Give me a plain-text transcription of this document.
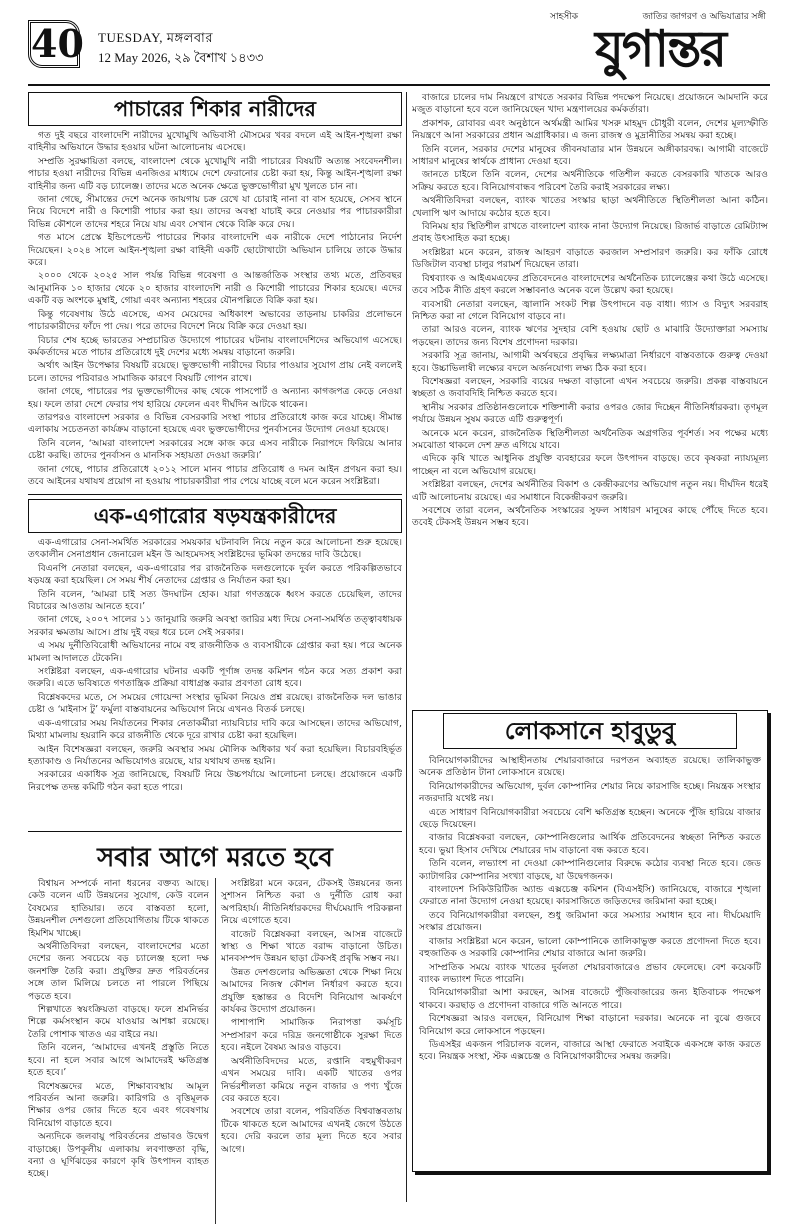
40 TUESDAY, মঙ্গলবার
12 May 2026, ২৯ বৈশাখ ১৪৩৩
সাহসীক	জাতির জাগরণ ও অভিযাত্রার সঙ্গী
যুগান্তর
পাচারের শিকার নারীদের

গত দুই বছরে বাংলাদেশি নারীদের মুখোমুখি অভিবাসী মৌসমের খবর বদলে এই আইন-শৃঙ্খলা রক্ষা বাহিনীর অভিযানে উদ্ধার হওয়ার ঘটনা আলোচনায় এসেছে।

সম্প্রতি সুরক্ষায়িতা বলছে, বাংলাদেশ থেকে মুখোমুখি নারী পাচারের বিষয়টি অত্যন্ত সংবেদনশীল। পাচার হওয়া নারীদের বিভিন্ন এনজিওর মাধ্যমে দেশে ফেরানোর চেষ্টা করা হয়, কিন্তু আইন-শৃঙ্খলা রক্ষা বাহিনীর জন্য এটি বড় চ্যালেঞ্জ। তাদের মতে অনেক ক্ষেত্রে ভুক্তভোগীরা মুখ খুলতে চান না।

জানা গেছে, সীমান্তের দেশে অনেক জায়গায় চক্র রেখে যা চোরাই নানা বা বাস হয়েছে, সেসব স্থানে নিয়ে বিদেশে নারী ও কিশোরী পাচার করা হয়। তাদের অবস্থা যাচাই করে নেওয়ার পর পাচারকারীরা বিভিন্ন কৌশলে তাদের শহরে নিয়ে যায় এবং সেখান থেকে বিক্রি করে দেয়।

গত মাসে প্রেস্কে ইন্ডিপেন্ডেন্ট পাচারের শিকার বাংলাদেশি এক নারীকে দেশে পাঠানোর নির্দেশ দিয়েছেন। ২০২৪ সালে আইন-শৃঙ্খলা রক্ষা বাহিনী একটি ছোটোখাটো অভিযান চালিয়ে তাকে উদ্ধার করে।

২০০০ থেকে ২০২৫ সাল পর্যন্ত বিভিন্ন গবেষণা ও আন্তর্জাতিক সংস্থার তথ্য মতে, প্রতিবছর আনুমানিক ১০ হাজার থেকে ২০ হাজার বাংলাদেশি নারী ও কিশোরী পাচারের শিকার হয়েছে। এদের একটি বড় অংশকে মুম্বাই, গোয়া এবং অন্যান্য শহরের যৌনপল্লিতে বিক্রি করা হয়।

কিন্তু গবেষণায় উঠে এসেছে, এসব মেয়েদের অধিকাংশ অভাবের তাড়নায় চাকরির প্রলোভনে পাচারকারীদের ফাঁদে পা দেয়। পরে তাদের বিদেশে নিয়ে বিক্রি করে দেওয়া হয়।

বিচার শেষ হচ্ছে ভারতের সম্প্রচারিত উদ্যোগে পাচারের ঘটনায় বাংলাদেশিদের অভিযোগ এসেছে। কর্মকর্তাদের মতে পাচার প্রতিরোধে দুই দেশের মধ্যে সমন্বয় বাড়ানো জরুরি।

অর্থাৎ আইন উপেক্ষার বিষয়টি রয়েছে। ভুক্তভোগী নারীদের বিচার পাওয়ার সুযোগ প্রায় নেই বললেই চলে। তাদের পরিবারও সামাজিক কারণে বিষয়টি গোপন রাখে।

জানা গেছে, পাচারের পর ভুক্তভোগীদের কাছ থেকে পাসপোর্ট ও অন্যান্য কাগজপত্র কেড়ে নেওয়া হয়। ফলে তারা দেশে ফেরার পথ হারিয়ে ফেলেন এবং দীর্ঘদিন আটকে থাকেন।

তারপরও বাংলাদেশ সরকার ও বিভিন্ন বেসরকারি সংস্থা পাচার প্রতিরোধে কাজ করে যাচ্ছে। সীমান্ত এলাকায় সচেতনতা কার্যক্রম বাড়ানো হয়েছে এবং ভুক্তভোগীদের পুনর্বাসনের উদ্যোগ নেওয়া হয়েছে।

তিনি বলেন, ‘আমরা বাংলাদেশ সরকারের সঙ্গে কাজ করে এসব নারীকে নিরাপদে ফিরিয়ে আনার চেষ্টা করছি। তাদের পুনর্বাসন ও মানসিক সহায়তা দেওয়া জরুরি।’

জানা গেছে, পাচার প্রতিরোধে ২০১২ সালে মানব পাচার প্রতিরোধ ও দমন আইন প্রণয়ন করা হয়। তবে আইনের যথাযথ প্রয়োগ না হওয়ায় পাচারকারীরা পার পেয়ে যাচ্ছে বলে মনে করেন সংশ্লিষ্টরা।

এক-এগারোর ষড়যন্ত্রকারীদের

এক-এগারোর সেনা-সমর্থিত সরকারের সময়কার ঘটনাবলি নিয়ে নতুন করে আলোচনা শুরু হয়েছে। তৎকালীন সেনাপ্রধান জেনারেল মইন উ আহমেদসহ সংশ্লিষ্টদের ভূমিকা তদন্তের দাবি উঠেছে।

বিএনপি নেতারা বলছেন, এক-এগারোর পর রাজনৈতিক দলগুলোকে দুর্বল করতে পরিকল্পিতভাবে ষড়যন্ত্র করা হয়েছিল। সে সময় শীর্ষ নেতাদের গ্রেপ্তার ও নির্যাতন করা হয়।

তিনি বলেন, ‘আমরা চাই সত্য উদঘাটন হোক। যারা গণতন্ত্রকে ধ্বংস করতে চেয়েছিল, তাদের বিচারের আওতায় আনতে হবে।’

জানা গেছে, ২০০৭ সালের ১১ জানুয়ারি জরুরি অবস্থা জারির মধ্য দিয়ে সেনা-সমর্থিত তত্ত্বাবধায়ক সরকার ক্ষমতায় আসে। প্রায় দুই বছর ধরে চলে সেই সরকার।

এ সময় দুর্নীতিবিরোধী অভিযানের নামে বহু রাজনীতিক ও ব্যবসায়ীকে গ্রেপ্তার করা হয়। পরে অনেক মামলা আদালতে টেকেনি।

সংশ্লিষ্টরা বলছেন, এক-এগারোর ঘটনার একটি পূর্ণাঙ্গ তদন্ত কমিশন গঠন করে সত্য প্রকাশ করা জরুরি। এতে ভবিষ্যতে গণতান্ত্রিক প্রক্রিয়া বাধাগ্রস্ত করার প্রবণতা রোধ হবে।

বিশ্লেষকদের মতে, সে সময়ের গোয়েন্দা সংস্থার ভূমিকা নিয়েও প্রশ্ন রয়েছে। রাজনৈতিক দল ভাঙার চেষ্টা ও ‘মাইনাস টু’ ফর্মুলা বাস্তবায়নের অভিযোগ নিয়ে এখনও বিতর্ক চলছে।

এক-এগারোর সময় নির্যাতনের শিকার নেতাকর্মীরা ন্যায়বিচার দাবি করে আসছেন। তাদের অভিযোগ, মিথ্যা মামলায় হয়রানি করে রাজনীতি থেকে দূরে রাখার চেষ্টা করা হয়েছিল।

আইন বিশেষজ্ঞরা বলছেন, জরুরি অবস্থার সময় মৌলিক অধিকার খর্ব করা হয়েছিল। বিচারবহির্ভূত হত্যাকাণ্ড ও নির্যাতনের অভিযোগও রয়েছে, যার যথাযথ তদন্ত হয়নি।

সরকারের একাধিক সূত্র জানিয়েছে, বিষয়টি নিয়ে উচ্চপর্যায়ে আলোচনা চলছে। প্রয়োজনে একটি নিরপেক্ষ তদন্ত কমিটি গঠন করা হতে পারে।

সবার আগে মরতে হবে

বিশ্বায়ন সম্পর্কে নানা ধরনের বক্তব্য আছে। কেউ বলেন এটি উন্নয়নের সুযোগ, কেউ বলেন বৈষম্যের হাতিয়ার। তবে বাস্তবতা হলো, উন্নয়নশীল দেশগুলো প্রতিযোগিতায় টিকে থাকতে হিমশিম খাচ্ছে।

অর্থনীতিবিদরা বলছেন, বাংলাদেশের মতো দেশের জন্য সবচেয়ে বড় চ্যালেঞ্জ হলো দক্ষ জনশক্তি তৈরি করা। প্রযুক্তির দ্রুত পরিবর্তনের সঙ্গে তাল মিলিয়ে চলতে না পারলে পিছিয়ে পড়তে হবে।

শিল্পখাতে স্বয়ংক্রিয়তা বাড়ছে। ফলে শ্রমনির্ভর শিল্পে কর্মসংস্থান কমে যাওয়ার আশঙ্কা রয়েছে। তৈরি পোশাক খাতও এর বাইরে নয়।

তিনি বলেন, ‘আমাদের এখনই প্রস্তুতি নিতে হবে। না হলে সবার আগে আমাদেরই ক্ষতিগ্রস্ত হতে হবে।’

বিশেষজ্ঞদের মতে, শিক্ষাব্যবস্থায় আমূল পরিবর্তন আনা জরুরি। কারিগরি ও বৃত্তিমূলক শিক্ষার ওপর জোর দিতে হবে এবং গবেষণায় বিনিয়োগ বাড়াতে হবে।

অন্যদিকে জলবায়ু পরিবর্তনের প্রভাবও উদ্বেগ বাড়াচ্ছে। উপকূলীয় এলাকায় লবণাক্ততা বৃদ্ধি, বন্যা ও ঘূর্ণিঝড়ের কারণে কৃষি উৎপাদন ব্যাহত হচ্ছে।

সংশ্লিষ্টরা মনে করেন, টেকসই উন্নয়নের জন্য সুশাসন নিশ্চিত করা ও দুর্নীতি রোধ করা অপরিহার্য। নীতিনির্ধারকদের দীর্ঘমেয়াদি পরিকল্পনা নিয়ে এগোতে হবে।

বাজেট বিশ্লেষকরা বলছেন, আসন্ন বাজেটে স্বাস্থ্য ও শিক্ষা খাতে বরাদ্দ বাড়ানো উচিত। মানবসম্পদ উন্নয়ন ছাড়া টেকসই প্রবৃদ্ধি সম্ভব নয়।

উন্নত দেশগুলোর অভিজ্ঞতা থেকে শিক্ষা নিয়ে আমাদের নিজস্ব কৌশল নির্ধারণ করতে হবে। প্রযুক্তি হস্তান্তর ও বিদেশি বিনিয়োগ আকর্ষণে কার্যকর উদ্যোগ প্রয়োজন।

পাশাপাশি সামাজিক নিরাপত্তা কর্মসূচি সম্প্রসারণ করে দরিদ্র জনগোষ্ঠীকে সুরক্ষা দিতে হবে। নইলে বৈষম্য আরও বাড়বে।

অর্থনীতিবিদদের মতে, রপ্তানি বহুমুখীকরণ এখন সময়ের দাবি। একটি খাতের ওপর নির্ভরশীলতা কমিয়ে নতুন বাজার ও পণ্য খুঁজে বের করতে হবে।

সবশেষে তারা বলেন, পরিবর্তিত বিশ্ববাস্তবতায় টিকে থাকতে হলে আমাদের এখনই জেগে উঠতে হবে। দেরি করলে তার মূল্য দিতে হবে সবার আগে।

বাজারে চালের দাম নিয়ন্ত্রণে রাখতে সরকার বিভিন্ন পদক্ষেপ নিয়েছে। প্রয়োজনে আমদানি করে মজুত বাড়ানো হবে বলে জানিয়েছেন খাদ্য মন্ত্রণালয়ের কর্মকর্তারা।

প্রকাশক, রোবাবর এবং অনুষ্ঠানে অর্থমন্ত্রী আমির খসরু মাহমুদ চৌধুরী বলেন, দেশের মূল্যস্ফীতি নিয়ন্ত্রণে আনা সরকারের প্রধান অগ্রাধিকার। এ জন্য রাজস্ব ও মুদ্রানীতির সমন্বয় করা হচ্ছে।

তিনি বলেন, সরকার দেশের মানুষের জীবনযাত্রার মান উন্নয়নে অঙ্গীকারবদ্ধ। আগামী বাজেটে সাধারণ মানুষের স্বার্থকে প্রাধান্য দেওয়া হবে।

জানতে চাইলে তিনি বলেন, দেশের অর্থনীতিকে গতিশীল করতে বেসরকারি খাতকে আরও সক্রিয় করতে হবে। বিনিয়োগবান্ধব পরিবেশ তৈরি করাই সরকারের লক্ষ্য।

অর্থনীতিবিদরা বলছেন, ব্যাংক খাতের সংস্কার ছাড়া অর্থনীতিতে স্থিতিশীলতা আনা কঠিন। খেলাপি ঋণ আদায়ে কঠোর হতে হবে।

বিনিময় হার স্থিতিশীল রাখতে বাংলাদেশ ব্যাংক নানা উদ্যোগ নিয়েছে। রিজার্ভ বাড়াতে রেমিট্যান্স প্রবাহ উৎসাহিত করা হচ্ছে।

সংশ্লিষ্টরা মনে করেন, রাজস্ব আহরণ বাড়াতে করজাল সম্প্রসারণ জরুরি। কর ফাঁকি রোধে ডিজিটাল ব্যবস্থা চালুর পরামর্শ দিয়েছেন তারা।

বিশ্বব্যাংক ও আইএমএফের প্রতিবেদনেও বাংলাদেশের অর্থনৈতিক চ্যালেঞ্জের কথা উঠে এসেছে। তবে সঠিক নীতি গ্রহণ করলে সম্ভাবনাও অনেক বলে উল্লেখ করা হয়েছে।

ব্যবসায়ী নেতারা বলছেন, জ্বালানি সংকট শিল্প উৎপাদনে বড় বাধা। গ্যাস ও বিদ্যুৎ সরবরাহ নিশ্চিত করা না গেলে বিনিয়োগ বাড়বে না।

তারা আরও বলেন, ব্যাংক ঋণের সুদহার বেশি হওয়ায় ছোট ও মাঝারি উদ্যোক্তারা সমস্যায় পড়ছেন। তাদের জন্য বিশেষ প্রণোদনা দরকার।

সরকারি সূত্র জানায়, আগামী অর্থবছরে প্রবৃদ্ধির লক্ষ্যমাত্রা নির্ধারণে বাস্তবতাকে গুরুত্ব দেওয়া হবে। উচ্চাভিলাষী লক্ষ্যের বদলে অর্জনযোগ্য লক্ষ্য ঠিক করা হবে।

বিশেষজ্ঞরা বলছেন, সরকারি ব্যয়ের দক্ষতা বাড়ানো এখন সবচেয়ে জরুরি। প্রকল্প বাস্তবায়নে স্বচ্ছতা ও জবাবদিহি নিশ্চিত করতে হবে।

স্থানীয় সরকার প্রতিষ্ঠানগুলোকে শক্তিশালী করার ওপরও জোর দিচ্ছেন নীতিনির্ধারকরা। তৃণমূল পর্যায়ে উন্নয়ন সুষম করতে এটি গুরুত্বপূর্ণ।

অনেকে মনে করেন, রাজনৈতিক স্থিতিশীলতা অর্থনৈতিক অগ্রগতির পূর্বশর্ত। সব পক্ষের মধ্যে সমঝোতা থাকলে দেশ দ্রুত এগিয়ে যাবে।

এদিকে কৃষি খাতে আধুনিক প্রযুক্তি ব্যবহারের ফলে উৎপাদন বাড়ছে। তবে কৃষকরা ন্যায্যমূল্য পাচ্ছেন না বলে অভিযোগ রয়েছে।

সংশ্লিষ্টরা বলছেন, দেশের অর্থনীতির বিকাশ ও কেন্দ্রীকরণের অভিযোগ নতুন নয়। দীর্ঘদিন ধরেই এটি আলোচনায় রয়েছে। এর সমাধানে বিকেন্দ্রীকরণ জরুরি।

সবশেষে তারা বলেন, অর্থনৈতিক সংস্কারের সুফল সাধারণ মানুষের কাছে পৌঁছে দিতে হবে। তবেই টেকসই উন্নয়ন সম্ভব হবে।

লোকসানে হাবুডুবু

বিনিয়োগকারীদের আস্থাহীনতায় শেয়ারবাজারে দরপতন অব্যাহত রয়েছে। তালিকাভুক্ত অনেক প্রতিষ্ঠান টানা লোকসানে রয়েছে।

বিনিয়োগকারীদের অভিযোগ, দুর্বল কোম্পানির শেয়ার নিয়ে কারসাজি হচ্ছে। নিয়ন্ত্রক সংস্থার নজরদারি যথেষ্ট নয়।

এতে সাধারণ বিনিয়োগকারীরা সবচেয়ে বেশি ক্ষতিগ্রস্ত হচ্ছেন। অনেকে পুঁজি হারিয়ে বাজার ছেড়ে দিয়েছেন।

বাজার বিশ্লেষকরা বলছেন, কোম্পানিগুলোর আর্থিক প্রতিবেদনের স্বচ্ছতা নিশ্চিত করতে হবে। ভুয়া হিসাব দেখিয়ে শেয়ারের দাম বাড়ানো বন্ধ করতে হবে।

তিনি বলেন, লভ্যাংশ না দেওয়া কোম্পানিগুলোর বিরুদ্ধে কঠোর ব্যবস্থা নিতে হবে। জেড ক্যাটাগরির কোম্পানির সংখ্যা বাড়ছে, যা উদ্বেগজনক।

বাংলাদেশ সিকিউরিটিজ অ্যান্ড এক্সচেঞ্জ কমিশন (বিএসইসি) জানিয়েছে, বাজারে শৃঙ্খলা ফেরাতে নানা উদ্যোগ নেওয়া হয়েছে। কারসাজিতে জড়িতদের জরিমানা করা হচ্ছে।

তবে বিনিয়োগকারীরা বলছেন, শুধু জরিমানা করে সমস্যার সমাধান হবে না। দীর্ঘমেয়াদি সংস্কার প্রয়োজন।

বাজার সংশ্লিষ্টরা মনে করেন, ভালো কোম্পানিকে তালিকাভুক্ত করতে প্রণোদনা দিতে হবে। বহুজাতিক ও সরকারি কোম্পানির শেয়ার বাজারে আনা জরুরি।

সাম্প্রতিক সময়ে ব্যাংক খাতের দুর্বলতা শেয়ারবাজারেও প্রভাব ফেলেছে। বেশ কয়েকটি ব্যাংক লভ্যাংশ দিতে পারেনি।

বিনিয়োগকারীরা আশা করছেন, আসন্ন বাজেটে পুঁজিবাজারের জন্য ইতিবাচক পদক্ষেপ থাকবে। করছাড় ও প্রণোদনা বাজারে গতি আনতে পারে।

বিশেষজ্ঞরা আরও বলছেন, বিনিয়োগ শিক্ষা বাড়ানো দরকার। অনেকে না বুঝে গুজবে বিনিয়োগ করে লোকসানে পড়ছেন।

ডিএসইর একজন পরিচালক বলেন, বাজারে আস্থা ফেরাতে সবাইকে একসঙ্গে কাজ করতে হবে। নিয়ন্ত্রক সংস্থা, স্টক এক্সচেঞ্জ ও বিনিয়োগকারীদের সমন্বয় জরুরি।
